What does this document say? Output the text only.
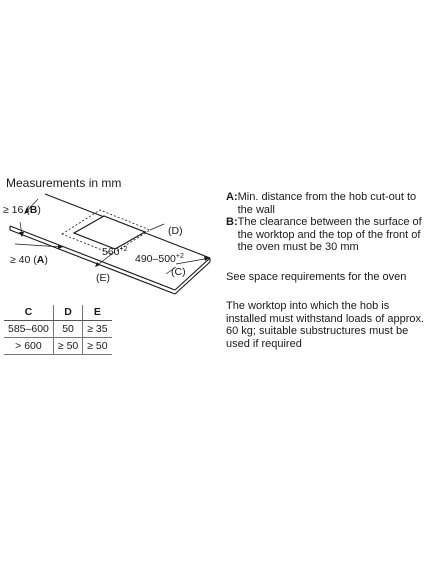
Measurements in mm
≥ 16 (B)
≥ 40 (A)
$560^{+2}$
(D)
$490-500^{+2}$
(E)	(C)
C	D	E
585–600	50	≥ 35
> 600	≥ 50	≥ 50
A: Min. distance from the hob cut-out to the wall
B: The clearance between the surface of the worktop and the top of the front of the oven must be 30 mm
See space requirements for the oven
The worktop into which the hob is installed must withstand loads of approx. 60 kg; suitable substructures must be used if required
